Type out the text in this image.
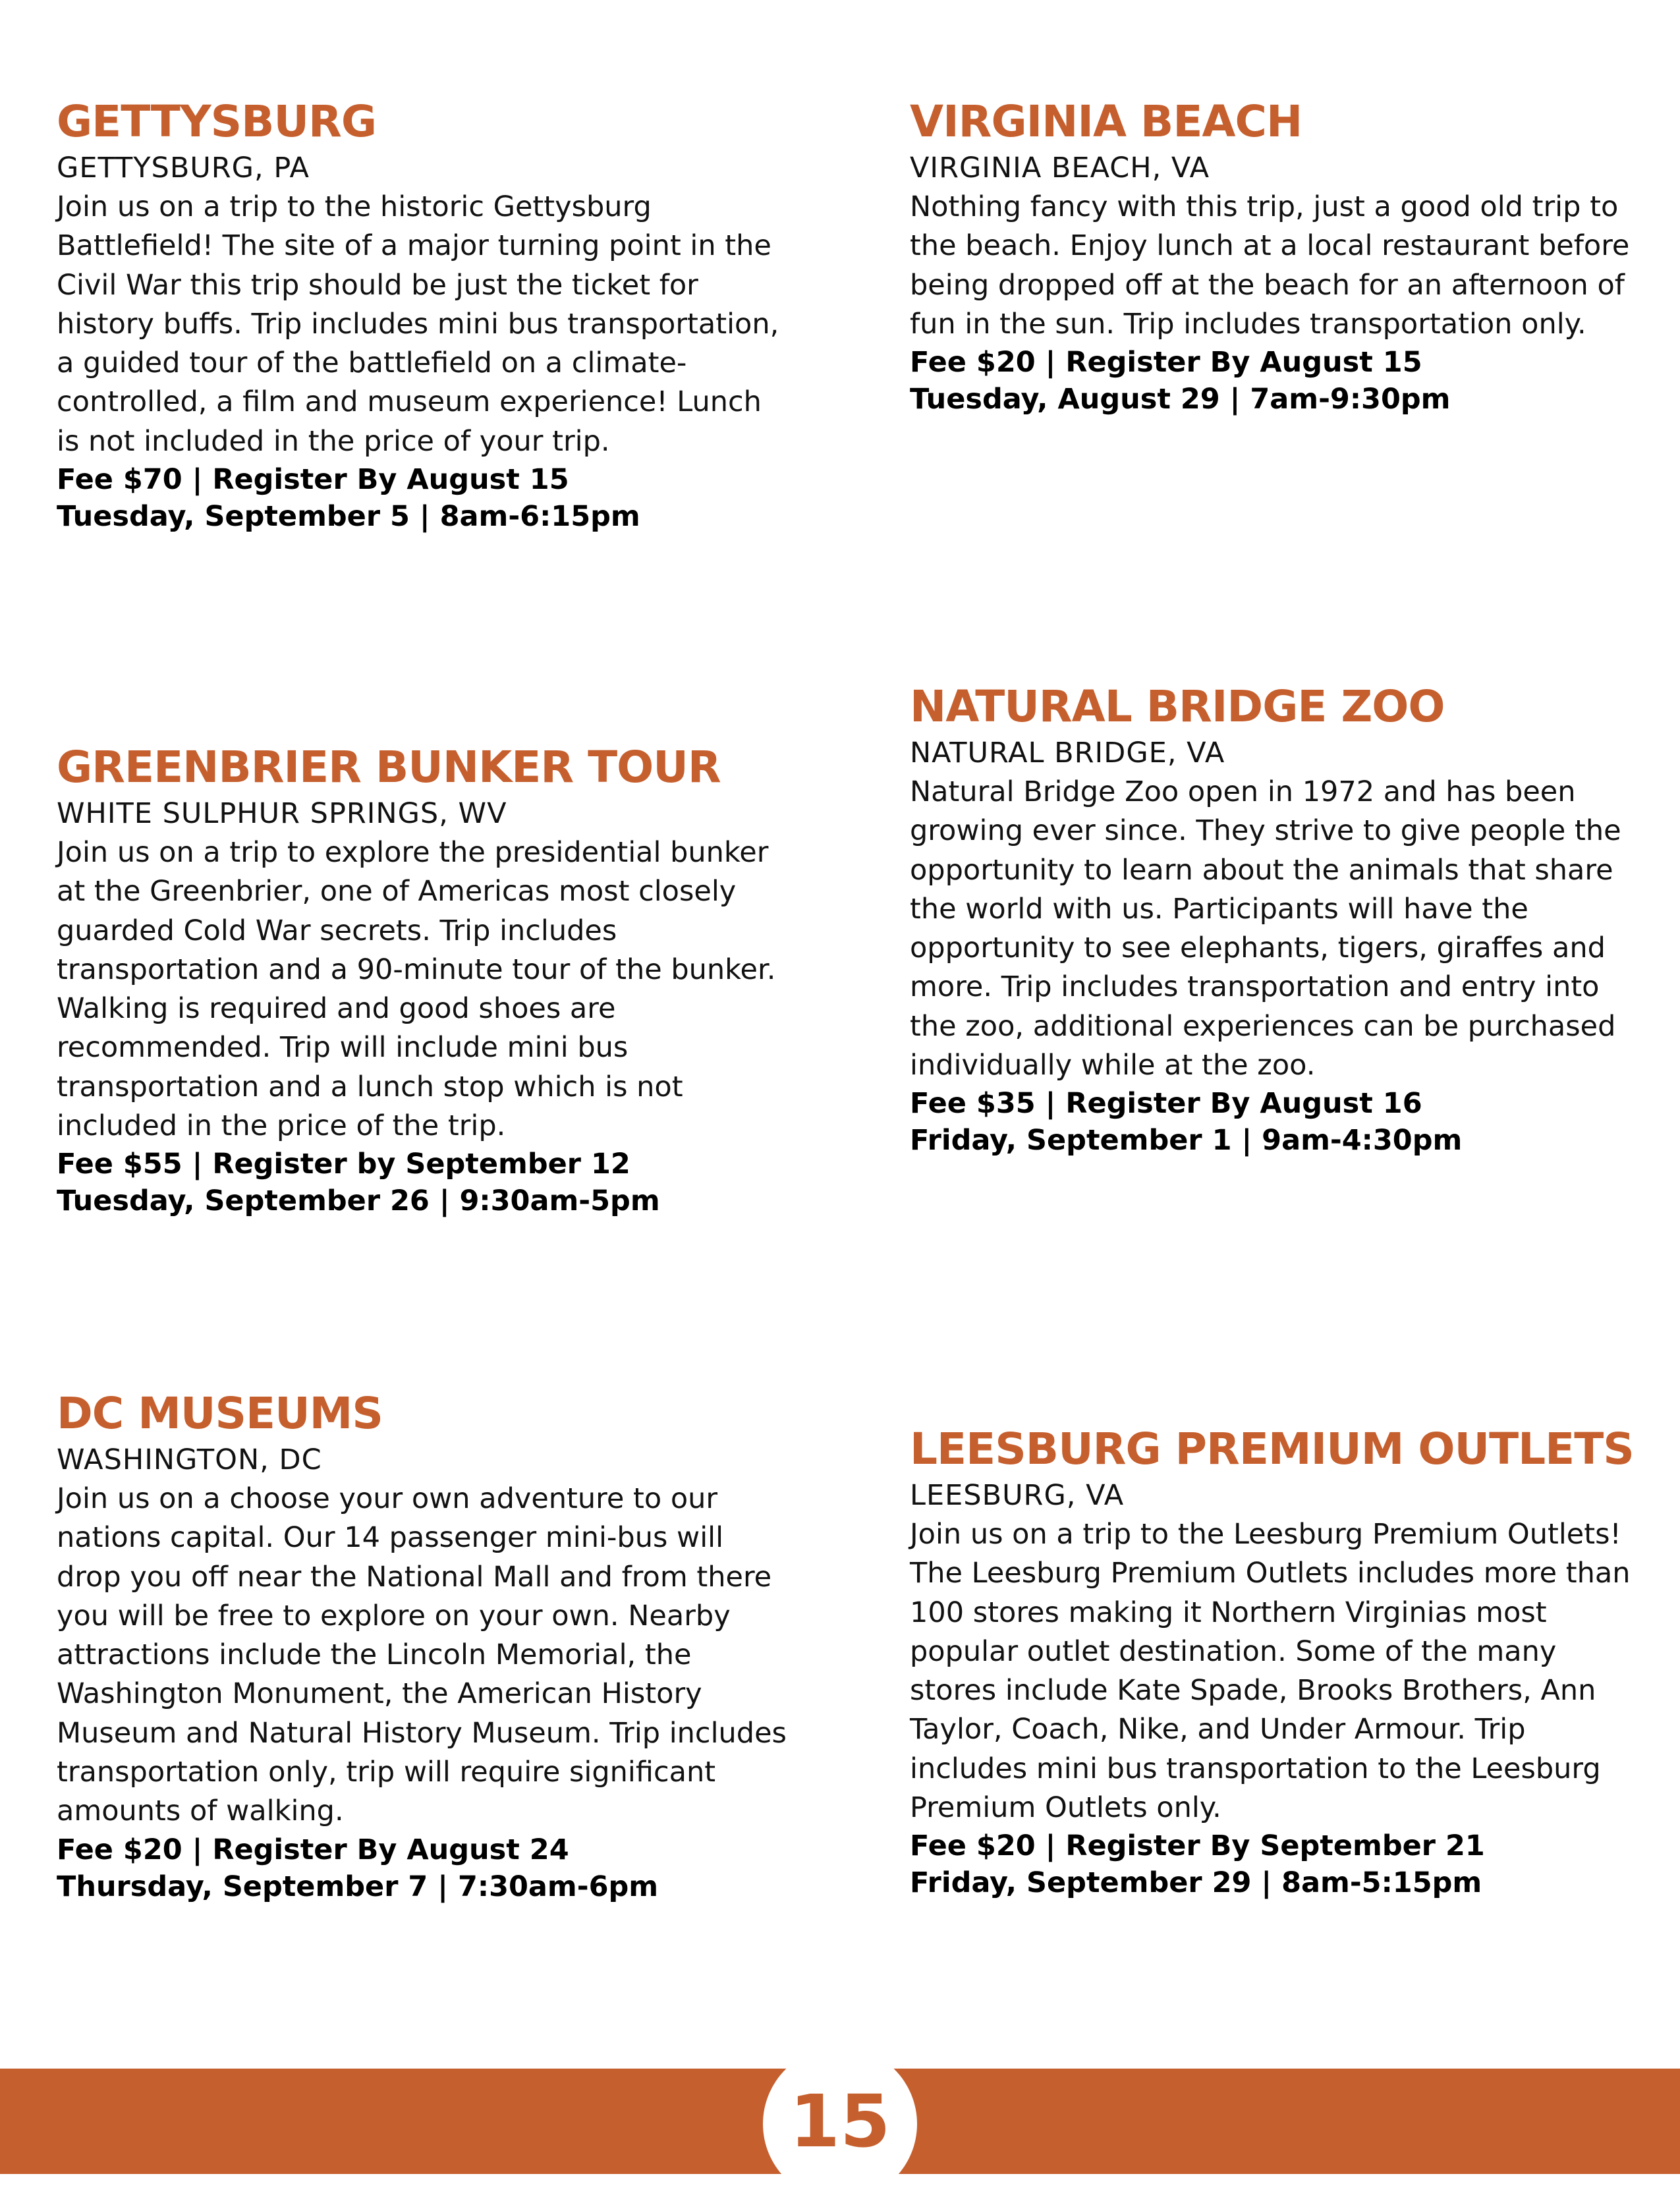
GETTYSBURG

GETTYSBURG, PA

Join us on a trip to the historic Gettysburg Battlefield! The site of a major turning point in the Civil War this trip should be just the ticket for history buffs. Trip includes mini bus transportation, a guided tour of the battlefield on a climate-controlled, a film and museum experience! Lunch is not included in the price of your trip.

Fee $70 | Register By August 15

Tuesday, September 5 | 8am-6:15pm

VIRGINIA BEACH

VIRGINIA BEACH, VA

Nothing fancy with this trip, just a good old trip to the beach. Enjoy lunch at a local restaurant before being dropped off at the beach for an afternoon of fun in the sun. Trip includes transportation only.

Fee $20 | Register By August 15

Tuesday, August 29 | 7am-9:30pm

GREENBRIER BUNKER TOUR

WHITE SULPHUR SPRINGS, WV

Join us on a trip to explore the presidential bunker at the Greenbrier, one of Americas most closely guarded Cold War secrets. Trip includes transportation and a 90-minute tour of the bunker. Walking is required and good shoes are recommended. Trip will include mini bus transportation and a lunch stop which is not included in the price of the trip.

Fee $55 | Register by September 12

Tuesday, September 26 | 9:30am-5pm

NATURAL BRIDGE ZOO

NATURAL BRIDGE, VA

Natural Bridge Zoo open in 1972 and has been growing ever since. They strive to give people the opportunity to learn about the animals that share the world with us. Participants will have the opportunity to see elephants, tigers, giraffes and more. Trip includes transportation and entry into the zoo, additional experiences can be purchased individually while at the zoo.

Fee $35 | Register By August 16

Friday, September 1 | 9am-4:30pm

DC MUSEUMS

WASHINGTON, DC

Join us on a choose your own adventure to our nations capital. Our 14 passenger mini-bus will drop you off near the National Mall and from there you will be free to explore on your own. Nearby attractions include the Lincoln Memorial, the Washington Monument, the American History Museum and Natural History Museum. Trip includes transportation only, trip will require significant amounts of walking.

Fee $20 | Register By August 24

Thursday, September 7 | 7:30am-6pm

LEESBURG PREMIUM OUTLETS

LEESBURG, VA

Join us on a trip to the Leesburg Premium Outlets! The Leesburg Premium Outlets includes more than 100 stores making it Northern Virginias most popular outlet destination. Some of the many stores include Kate Spade, Brooks Brothers, Ann Taylor, Coach, Nike, and Under Armour. Trip includes mini bus transportation to the Leesburg Premium Outlets only.

Fee $20 | Register By September 21

Friday, September 29 | 8am-5:15pm

15
